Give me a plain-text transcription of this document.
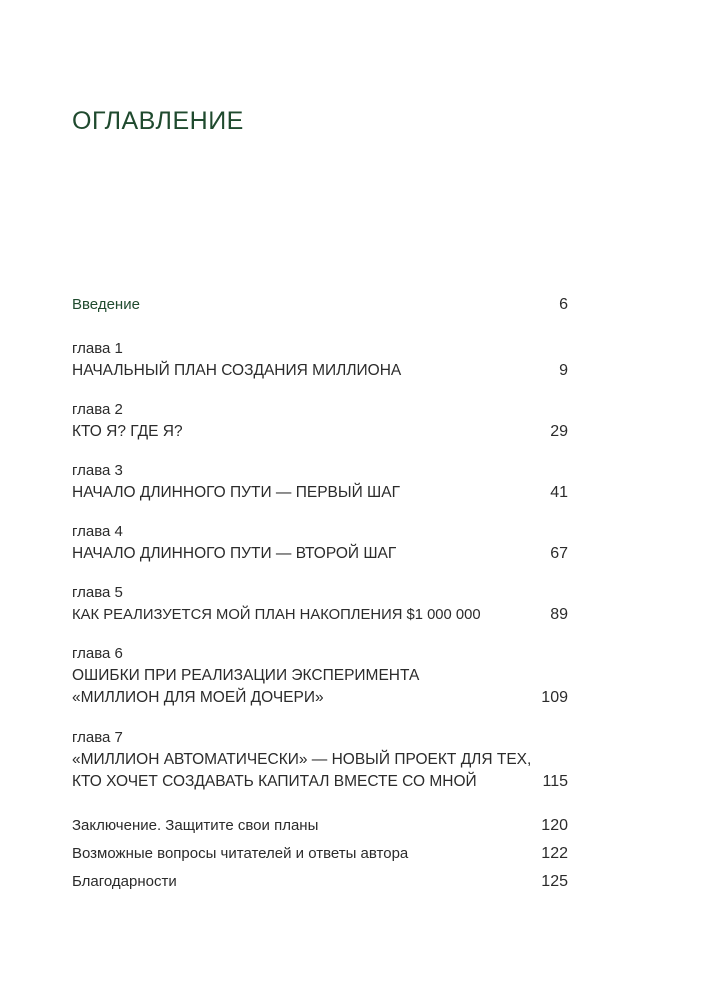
ОГЛАВЛЕНИЕ
Введение	6
глава 1
НАЧАЛЬНЫЙ ПЛАН СОЗДАНИЯ МИЛЛИОНА	9
глава 2
КТО Я? ГДЕ Я?	29
глава 3
НАЧАЛО ДЛИННОГО ПУТИ — ПЕРВЫЙ ШАГ	41
глава 4
НАЧАЛО ДЛИННОГО ПУТИ — ВТОРОЙ ШАГ	67
глава 5
КАК РЕАЛИЗУЕТСЯ МОЙ ПЛАН НАКОПЛЕНИЯ $1 000 000	89
глава 6
ОШИБКИ ПРИ РЕАЛИЗАЦИИ ЭКСПЕРИМЕНТА
«МИЛЛИОН ДЛЯ МОЕЙ ДОЧЕРИ»	109
глава 7
«МИЛЛИОН АВТОМАТИЧЕСКИ» — НОВЫЙ ПРОЕКТ ДЛЯ ТЕХ,
КТО ХОЧЕТ СОЗДАВАТЬ КАПИТАЛ ВМЕСТЕ СО МНОЙ	115
Заключение. Защитите свои планы	120
Возможные вопросы читателей и ответы автора	122
Благодарности	125
